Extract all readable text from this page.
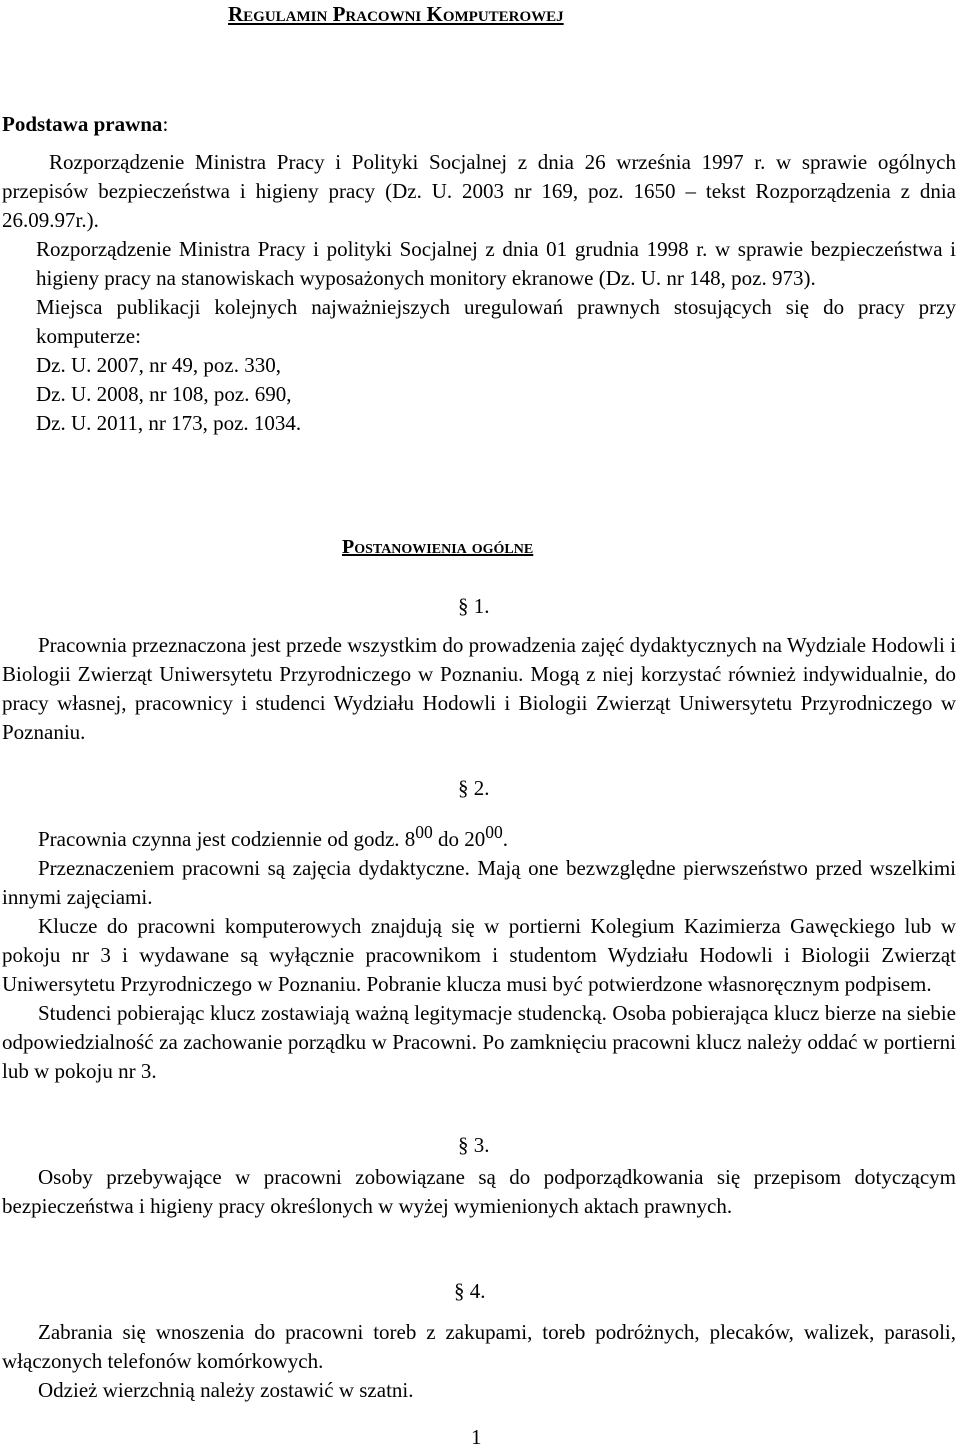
Regulamin Pracowni Komputerowej
Podstawa prawna:

Rozporządzenie Ministra Pracy i Polityki Socjalnej z dnia 26 września 1997 r. w sprawie ogólnych przepisów bezpieczeństwa i higieny pracy (Dz. U. 2003 nr 169, poz. 1650 – tekst Rozporządzenia z dnia 26.09.97r.).

Rozporządzenie Ministra Pracy i polityki Socjalnej z dnia 01 grudnia 1998 r. w sprawie bezpieczeństwa i higieny pracy na stanowiskach wyposażonych monitory ekranowe (Dz. U. nr 148, poz. 973).

Miejsca publikacji kolejnych najważniejszych uregulowań prawnych stosujących się do pracy przy komputerze:

Dz. U. 2007, nr 49, poz. 330,
Dz. U. 2008, nr 108, poz. 690,
Dz. U. 2011, nr 173, poz. 1034.
Postanowienia ogólne
§ 1.

Pracownia przeznaczona jest przede wszystkim do prowadzenia zajęć dydaktycznych na Wydziale Hodowli i Biologii Zwierząt Uniwersytetu Przyrodniczego w Poznaniu. Mogą z niej korzystać również indywidualnie, do pracy własnej, pracownicy i studenci Wydziału Hodowli i Biologii Zwierząt Uniwersytetu Przyrodniczego w Poznaniu.

§ 2.

Pracownia czynna jest codziennie od godz. $8^{00}$ do $20^{00}$.

Przeznaczeniem pracowni są zajęcia dydaktyczne. Mają one bezwzględne pierwszeństwo przed wszelkimi innymi zajęciami.

Klucze do pracowni komputerowych znajdują się w portierni Kolegium Kazimierza Gawęckiego lub w pokoju nr 3 i wydawane są wyłącznie pracownikom i studentom Wydziału Hodowli i Biologii Zwierząt Uniwersytetu Przyrodniczego w Poznaniu. Pobranie klucza musi być potwierdzone własnoręcznym podpisem.

Studenci pobierając klucz zostawiają ważną legitymacje studencką. Osoba pobierająca klucz bierze na siebie odpowiedzialność za zachowanie porządku w Pracowni. Po zamknięciu pracowni klucz należy oddać w portierni lub w pokoju nr 3.

§ 3.

Osoby przebywające w pracowni zobowiązane są do podporządkowania się przepisom dotyczącym bezpieczeństwa i higieny pracy określonych w wyżej wymienionych aktach prawnych.

§ 4.

Zabrania się wnoszenia do pracowni toreb z zakupami, toreb podróżnych, plecaków, walizek, parasoli, włączonych telefonów komórkowych.

Odzież wierzchnią należy zostawić w szatni.

1
